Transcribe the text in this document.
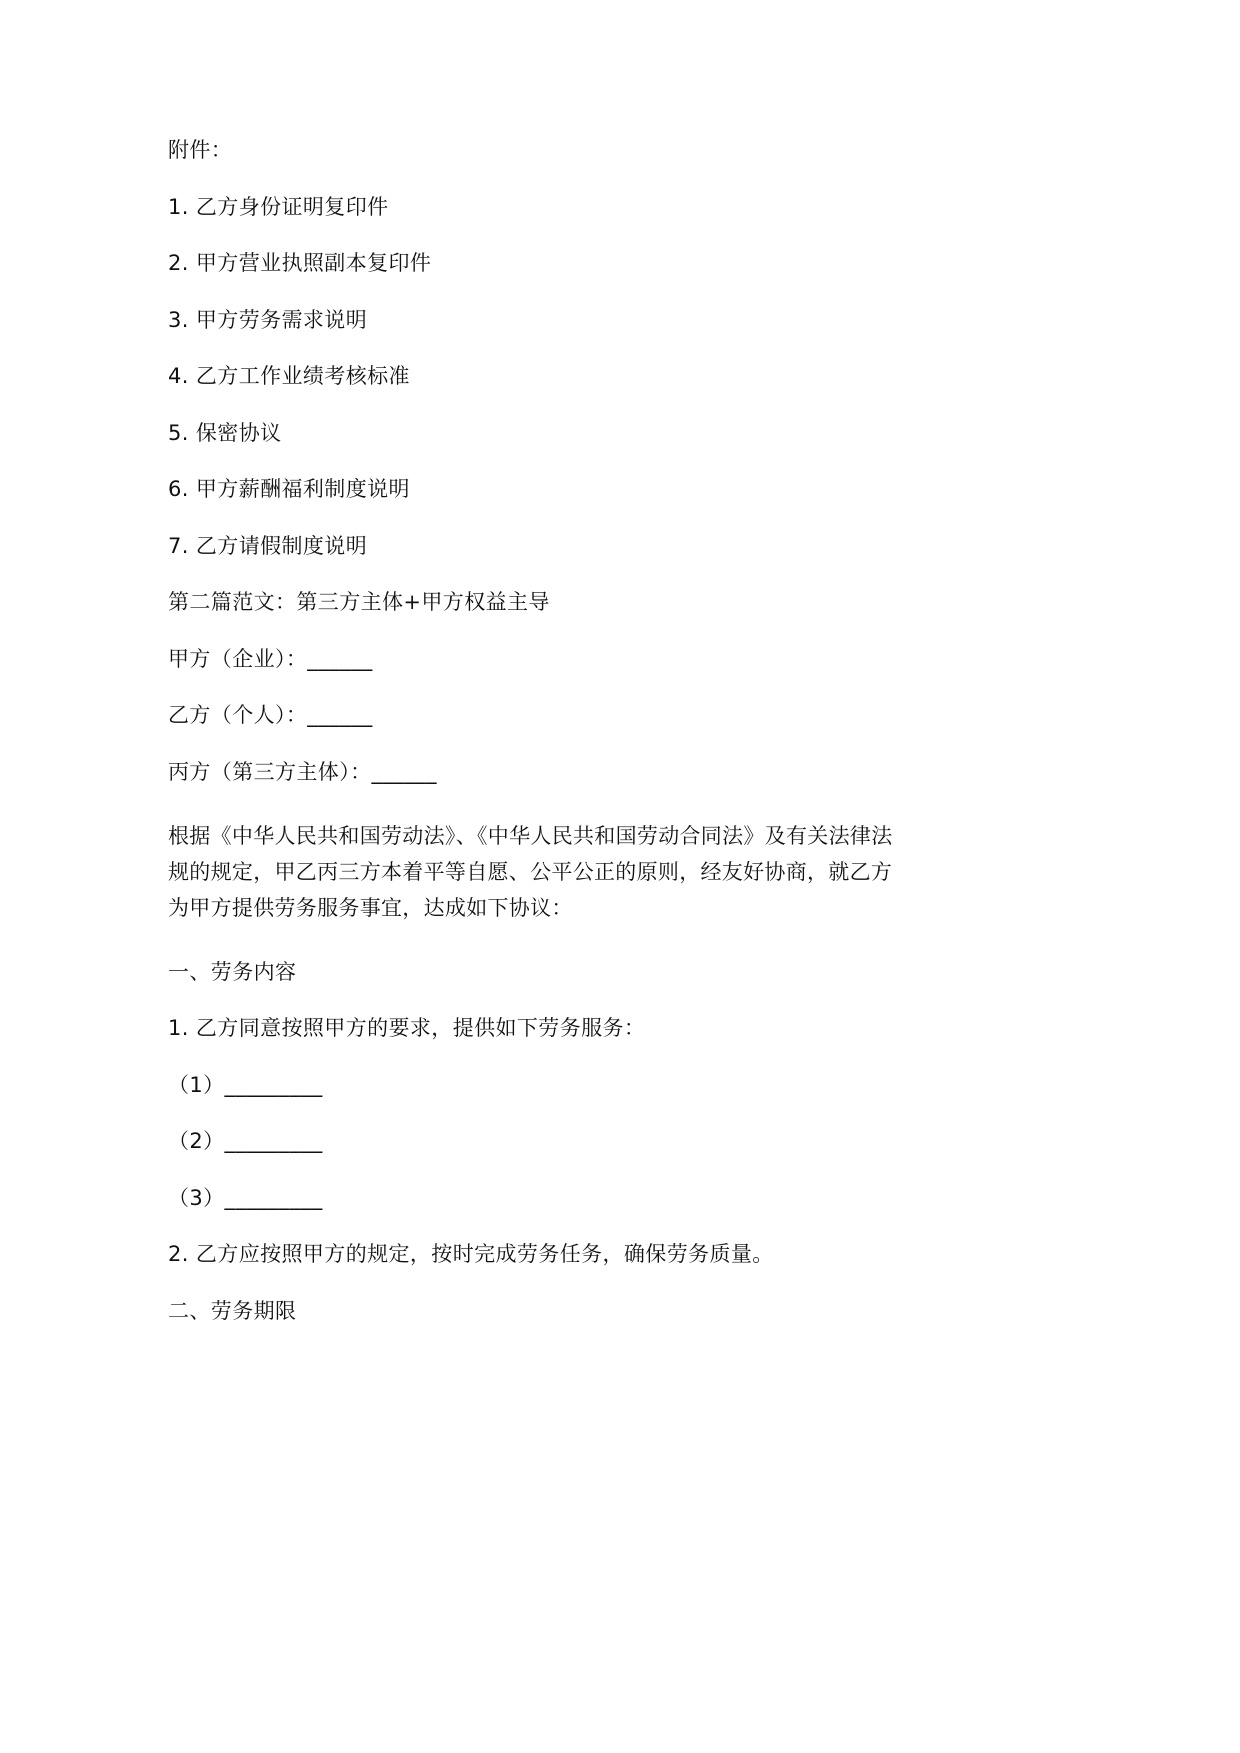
附件：

1. 乙方身份证明复印件

2. 甲方营业执照副本复印件

3. 甲方劳务需求说明

4. 乙方工作业绩考核标准

5. 保密协议

6. 甲方薪酬福利制度说明

7. 乙方请假制度说明

第二篇范文：第三方主体+甲方权益主导

甲方（企业）：______

乙方（个人）：______

丙方（第三方主体）：______

根据《中华人民共和国劳动法》、《中华人民共和国劳动合同法》及有关法律法
规的规定，甲乙丙三方本着平等自愿、公平公正的原则，经友好协商，就乙方
为甲方提供劳务服务事宜，达成如下协议：

一、劳务内容

1. 乙方同意按照甲方的要求，提供如下劳务服务：

（1）_________

（2）_________

（3）_________

2. 乙方应按照甲方的规定，按时完成劳务任务，确保劳务质量。

二、劳务期限
